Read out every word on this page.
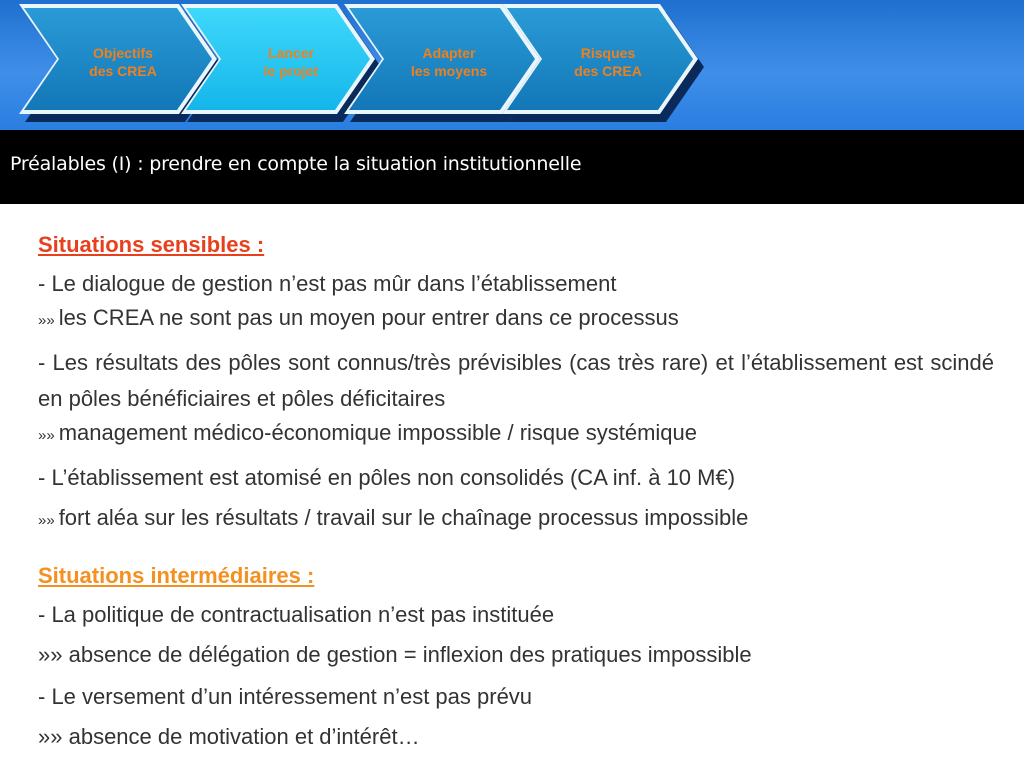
Objectifs
des CREA
Lancer
le projet
Adapter
les moyens
Risques
des CREA
Préalables (I) : prendre en compte la situation institutionnelle

Situations sensibles :

- Le dialogue de gestion n’est pas mûr dans l’établissement

»» les CREA ne sont pas un moyen pour entrer dans ce processus

- Les résultats des pôles sont connus/très prévisibles (cas très rare) et l’établissement est scindé en pôles bénéficiaires et pôles déficitaires

»» management médico-économique impossible / risque systémique

- L’établissement est atomisé en pôles non consolidés (CA inf. à 10 M€)

»» fort aléa sur les résultats / travail sur le chaînage processus impossible

Situations intermédiaires :

- La politique de contractualisation n’est pas instituée

»» absence de délégation de gestion = inflexion des pratiques impossible

- Le versement d’un intéressement n’est pas prévu

»» absence de motivation et d’intérêt…
